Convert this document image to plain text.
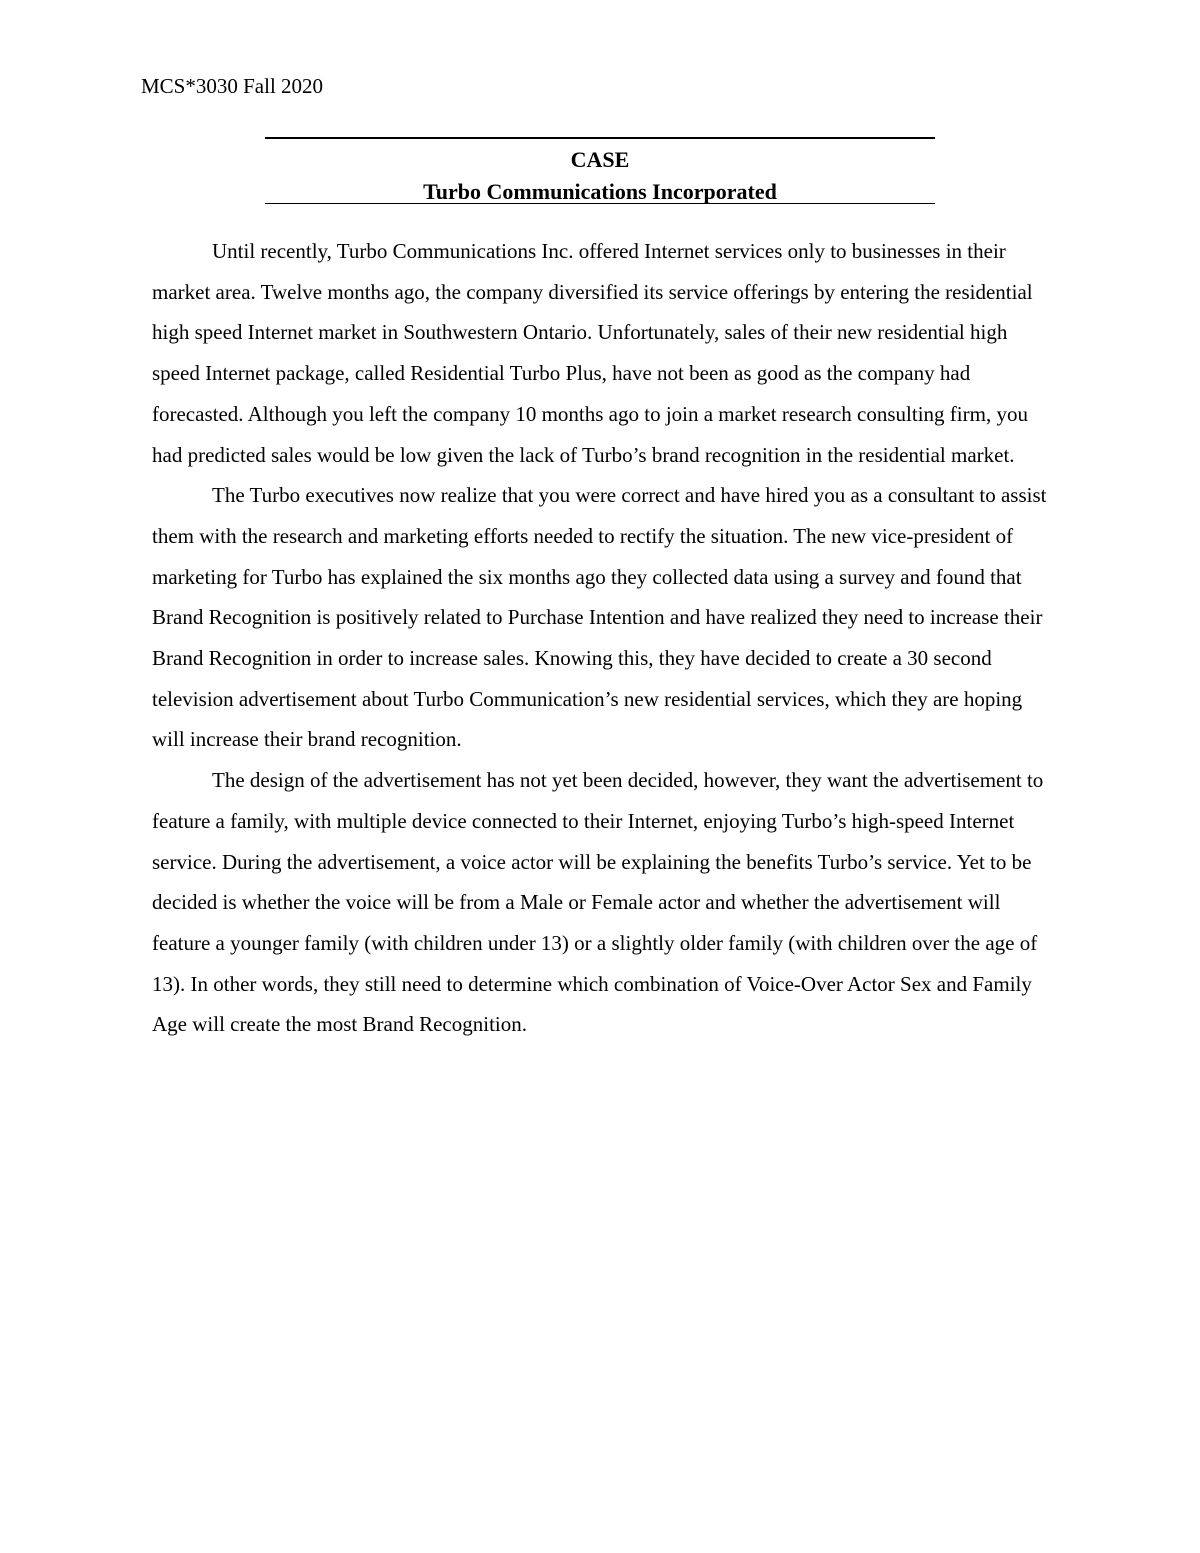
MCS*3030 Fall 2020
CASE
Turbo Communications Incorporated

Until recently, Turbo Communications Inc. offered Internet services only to businesses in their market area. Twelve months ago, the company diversified its service offerings by entering the residential high speed Internet market in Southwestern Ontario. Unfortunately, sales of their new residential high speed Internet package, called Residential Turbo Plus, have not been as good as the company had forecasted. Although you left the company 10 months ago to join a market research consulting firm, you had predicted sales would be low given the lack of Turbo’s brand recognition in the residential market.

The Turbo executives now realize that you were correct and have hired you as a consultant to assist them with the research and marketing efforts needed to rectify the situation. The new vice-president of marketing for Turbo has explained the six months ago they collected data using a survey and found that Brand Recognition is positively related to Purchase Intention and have realized they need to increase their Brand Recognition in order to increase sales. Knowing this, they have decided to create a 30 second television advertisement about Turbo Communication’s new residential services, which they are hoping will increase their brand recognition.

The design of the advertisement has not yet been decided, however, they want the advertisement to feature a family, with multiple device connected to their Internet, enjoying Turbo’s high-speed Internet service. During the advertisement, a voice actor will be explaining the benefits Turbo’s service. Yet to be decided is whether the voice will be from a Male or Female actor and whether the advertisement will feature a younger family (with children under 13) or a slightly older family (with children over the age of 13). In other words, they still need to determine which combination of Voice-Over Actor Sex and Family Age will create the most Brand Recognition.
